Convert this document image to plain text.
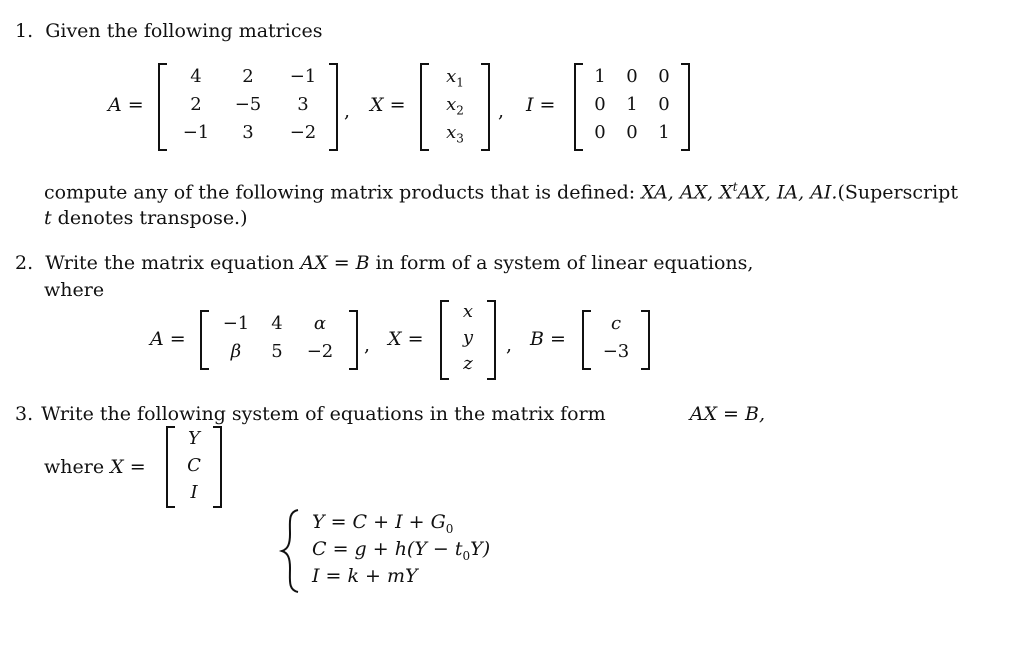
1. Given the following matrices
A =
4	2	−1
2	−5	3
−1	3	−2
, X =
$x_1$
$x_2$
$x_3$
, I =
1	0	0
0	1	0
0	0	1
compute any of the following matrix products that is defined: XA, AX, $X^tAX$, IA, AI.(Superscript
t denotes transpose.)
2. Write the matrix equation AX = B in form of a system of linear equations,
where
A =
−1	4	α
β	5	−2	, X =
x
y
z
, B =
c
−3
3. Write the following system of equations in the matrix form	AX = B,
where X =
Y
C
I
$Y = C + I + G_0$
$C = g + h(Y - t_0Y)$
I = k + mY
